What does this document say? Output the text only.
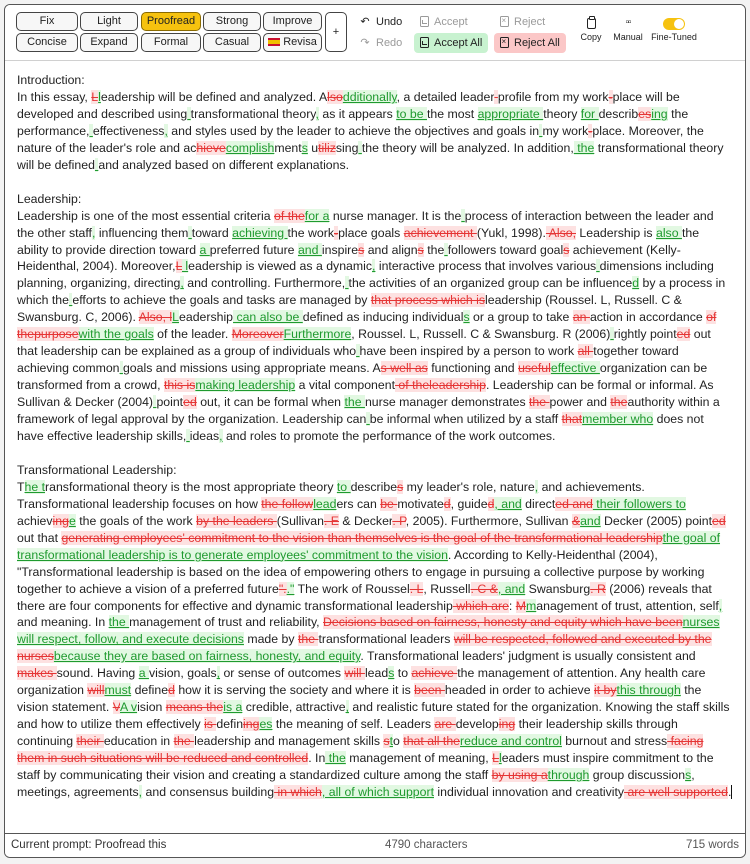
Fix	Light	Proofread	Strong	Improve
Concise	Expand	Formal	Casual	Revisa
+
↶ Undo
↷ Redo
Accept
Accept All
×Reject
×Reject All	Copy
▫▫
Manual Fine-Tuned
Introduction:
In this essay, Lleadership will be defined and analyzed. Alsodditionally, a detailed leader profile from my work-place will be developed and described using transformational theory, as it appears to be the most appropriate theory for describesing the performance, effectiveness, and styles used by the leader to achieve the objectives and goals in my work-place. Moreover, the nature of the leader's role and achievecomplishments utilizsing the theory will be analyzed. In addition, the transformational theory will be defined and analyzed based on different explanations.
Leadership:
Leadership is one of the most essential criteria of thefor a nurse manager. It is the process of interaction between the leader and the other staff, influencing them toward achieving the work-place goals achievement (Yukl, 1998). Also, Leadership is also the ability to provide direction toward a preferred future and inspires and aligns the followers toward goals achievement (Kelly-Heidenthal, 2004). Moreover,L leadership is viewed as a dynamic, interactive process that involves various dimensions including planning, organizing, directing, and controlling. Furthermore, the activities of an organized group can be influenced by a process in which the efforts to achieve the goals and tasks are managed by that process which isleadership (Roussel. L, Russell. C & Swansburg. C, 2006). Also, lLeadership can also be defined as inducing individuals or a group to take an action in accordance of thepurposewith the goals of the leader. MoreoverFurthermore, Roussel. L, Russell. C & Swansburg. R (2006) rightly pointed out that leadership can be explained as a group of individuals who have been inspired by a person to work all together toward achieving common goals and missions using appropriate means. As well as functioning and usefuleffective organization can be transformed from a crowd, this ismaking leadership a vital component of theleadership. Leadership can be formal or informal. As Sullivan & Decker (2004) pointed out, it can be formal when the nurse manager demonstrates the power and theauthority within a framework of legal approval by the organization. Leadership can be informal when utilized by a staff thatmember who does not have effective leadership skills, ideas, and roles to promote the performance of the work outcomes.
Transformational Leadership:
The transformational theory is the most appropriate theory to describes my leader's role, nature, and achievements. Transformational leadership focuses on how the followleaders can be motivated, guided, and directed and their followers to achievinge the goals of the work by the leaders (Sullivan. E & Decker. P, 2005). Furthermore, Sullivan &and Decker (2005) pointed out that generating employees' commitment to the vision than themselves is the goal of the transformational leadershipthe goal of transformational leadership is to generate employees' commitment to the vision. According to Kelly-Heidenthal (2004), "Transformational leadership is based on the idea of empowering others to engage in pursuing a collective purpose by working together to achieve a vision of a preferred future".." The work of Roussel. L, Russell. C &, and Swansburg. R (2006) reveals that there are four components for effective and dynamic transformational leadership which are: Mmanagement of trust, attention, self, and meaning. In the management of trust and reliability, Decisions based on fairness, honesty and equity which have beennurses will respect, follow, and execute decisions made by the transformational leaders will be respected, followed and executed by the nursesbecause they are based on fairness, honesty, and equity. Transformational leaders' judgment is usually consistent and makes sound. Having a vision, goals, or sense of outcomes will leads to achieve the management of attention. Any health care organization willmust defined how it is serving the society and where it is been headed in order to achieve it bythis through the vision statement. VA vision means theis a credible, attractive, and realistic future stated for the organization. Knowing the staff skills and how to utilize them effectively is defininges the meaning of self. Leaders are developing their leadership skills through continuing their education in the leadership and management skills sto that all thereduce and control burnout and stress facing them in such situations will be reduced and controlled. In the management of meaning, Lleaders must inspire commitment to the staff by communicating their vision and creating a standardized culture among the staff by using athrough group discussions, meetings, agreements, and consensus building in which, all of which support individual innovation and creativity are well supported.
Current prompt: Proofread this	4790 characters	715 words
